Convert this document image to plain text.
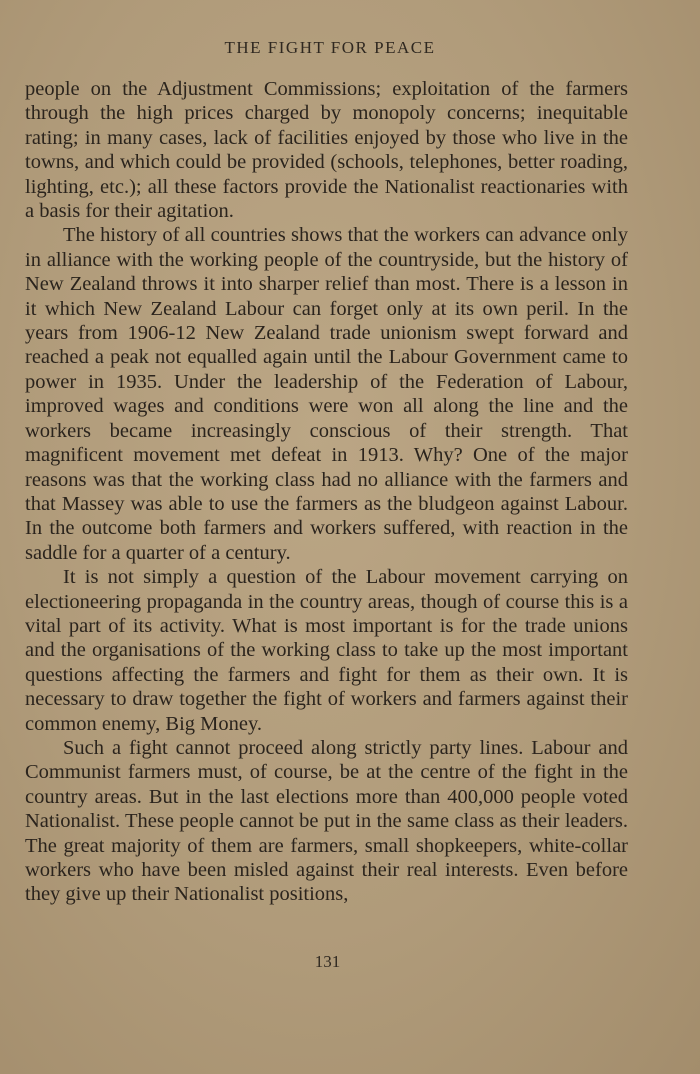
THE FIGHT FOR PEACE

people on the Adjustment Commissions; exploitation of the farmers through the high prices charged by monopoly concerns; inequitable rating; in many cases, lack of facilities enjoyed by those who live in the towns, and which could be provided (schools, telephones, better roading, lighting, etc.); all these factors provide the Nationalist reactionaries with a basis for their agitation.

The history of all countries shows that the workers can advance only in alliance with the working people of the countryside, but the history of New Zealand throws it into sharper relief than most. There is a lesson in it which New Zealand Labour can forget only at its own peril. In the years from 1906-12 New Zealand trade unionism swept forward and reached a peak not equalled again until the Labour Government came to power in 1935. Under the leadership of the Federation of Labour, improved wages and conditions were won all along the line and the workers became increasingly conscious of their strength. That magnificent movement met defeat in 1913. Why? One of the major reasons was that the working class had no alliance with the farmers and that Massey was able to use the farmers as the bludgeon against Labour. In the outcome both farmers and workers suffered, with reaction in the saddle for a quarter of a century.

It is not simply a question of the Labour movement carrying on electioneering propaganda in the country areas, though of course this is a vital part of its activity. What is most important is for the trade unions and the organisations of the working class to take up the most important questions affecting the farmers and fight for them as their own. It is necessary to draw together the fight of workers and farmers against their common enemy, Big Money.

Such a fight cannot proceed along strictly party lines. Labour and Communist farmers must, of course, be at the centre of the fight in the country areas. But in the last elections more than 400,000 people voted Nationalist. These people cannot be put in the same class as their leaders. The great majority of them are farmers, small shopkeepers, white-collar workers who have been misled against their real interests. Even before they give up their Nationalist positions,

131
